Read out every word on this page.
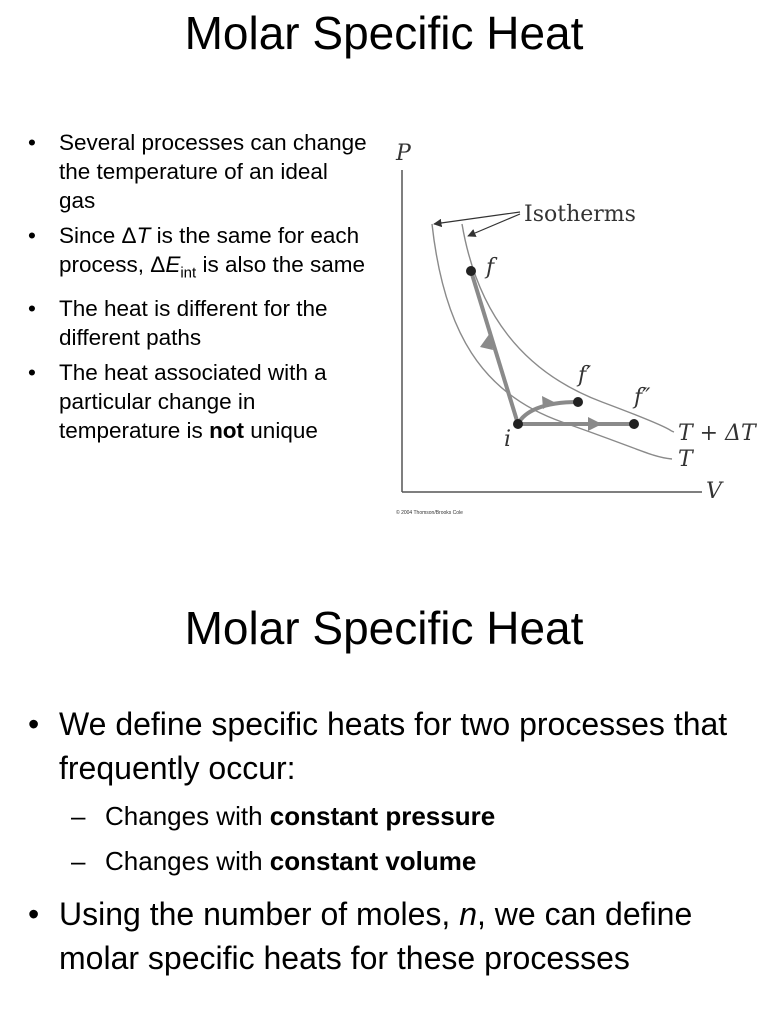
Molar Specific Heat
• Several processes can change the temperature of an ideal gas
• Since ΔT is the same for each process, $\Delta E_{int}$ is also the same
• The heat is different for the different paths
• The heat associated with a particular change in temperature is not unique
P
V
Isotherms
i
f
f′
f″
T + ΔT
T
© 2004 Thomson/Brooks Cole
Molar Specific Heat
• We define specific heats for two processes that frequently occur:
– Changes with constant pressure
– Changes with constant volume
• Using the number of moles, n, we can define molar specific heats for these processes
